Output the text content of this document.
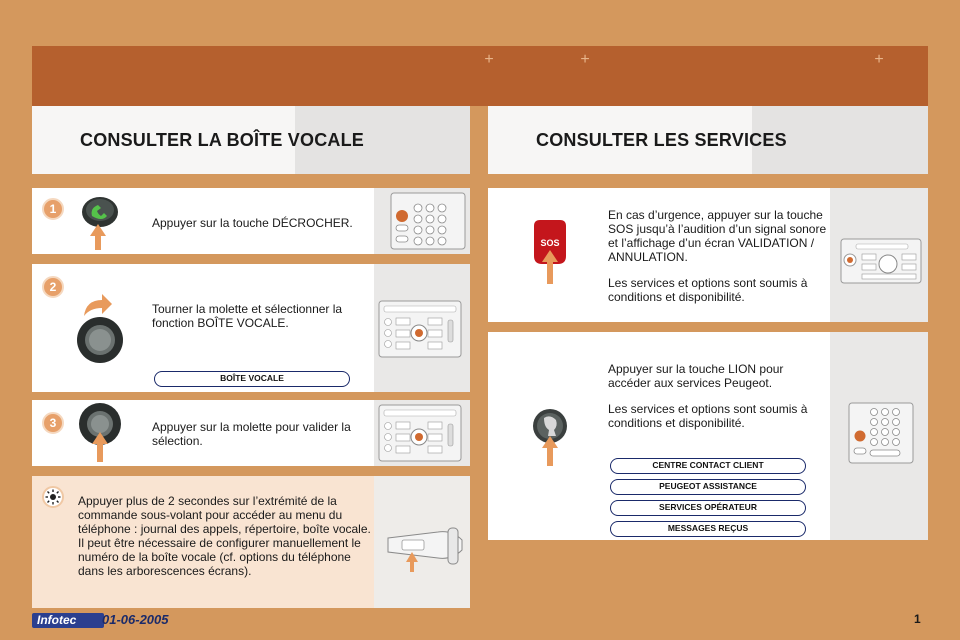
+	+	+
CONSULTER LA BOÎTE VOCALE	CONSULTER LES SERVICES
1

Appuyer sur la touche DÉCROCHER.

2

Tourner la molette et sélectionner la fonction BOÎTE VOCALE.

BOÎTE VOCALE
3	Appuyer sur la molette pour valider la sélection.

Appuyer plus de 2 secondes sur l’extrémité de la commande sous-volant pour accéder au menu du téléphone : journal des appels, répertoire, boîte vocale.
Il peut être nécessaire de configurer manuellement le numéro de la boîte vocale (cf. options du téléphone dans les arborescences écrans).

SOS

En cas d’urgence, appuyer sur la touche SOS jusqu’à l’audition d’un signal sonore et l’affichage d’un écran VALIDATION / ANNULATION.

Les services et options sont soumis à conditions et disponibilité.

Appuyer sur la touche LION pour accéder aux services Peugeot.

Les services et options sont soumis à conditions et disponibilité.

CENTRE CONTACT CLIENT
PEUGEOT ASSISTANCE
SERVICES OPÉRATEUR
MESSAGES REÇUS
Infotec	01-06-2005	1
